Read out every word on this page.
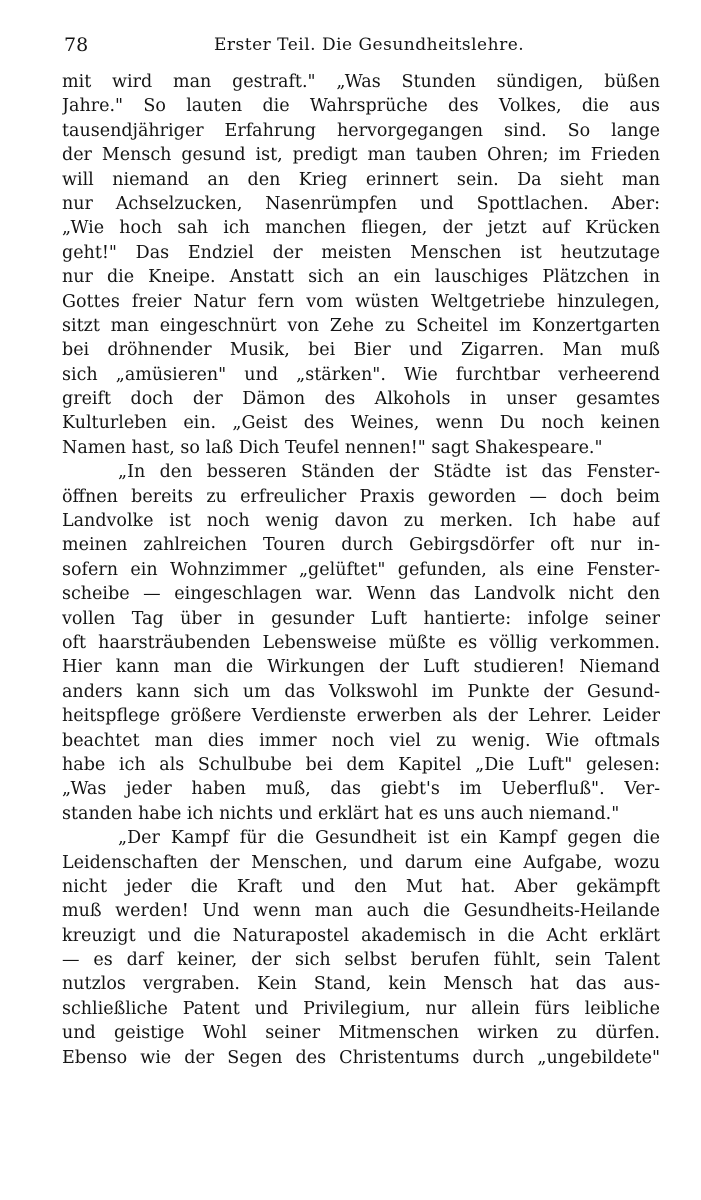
78	Erster Teil. Die Gesundheitslehre.
mit wird man gestraft." „Was Stunden sündigen, büßen
Jahre." So lauten die Wahrsprüche des Volkes, die aus
tausendjähriger Erfahrung hervorgegangen sind. So lange
der Mensch gesund ist, predigt man tauben Ohren; im Frieden
will niemand an den Krieg erinnert sein. Da sieht man
nur Achselzucken, Nasenrümpfen und Spottlachen. Aber:
„Wie hoch sah ich manchen fliegen, der jetzt auf Krücken
geht!" Das Endziel der meisten Menschen ist heutzutage
nur die Kneipe. Anstatt sich an ein lauschiges Plätzchen in
Gottes freier Natur fern vom wüsten Weltgetriebe hinzulegen,
sitzt man eingeschnürt von Zehe zu Scheitel im Konzertgarten
bei dröhnender Musik, bei Bier und Zigarren. Man muß
sich „amüsieren" und „stärken". Wie furchtbar verheerend
greift doch der Dämon des Alkohols in unser gesamtes
Kulturleben ein. „Geist des Weines, wenn Du noch keinen
Namen hast, so laß Dich Teufel nennen!" sagt Shakespeare."
„In den besseren Ständen der Städte ist das Fenster-
öffnen bereits zu erfreulicher Praxis geworden — doch beim
Landvolke ist noch wenig davon zu merken. Ich habe auf
meinen zahlreichen Touren durch Gebirgsdörfer oft nur in-
sofern ein Wohnzimmer „gelüftet" gefunden, als eine Fenster-
scheibe — eingeschlagen war. Wenn das Landvolk nicht den
vollen Tag über in gesunder Luft hantierte: infolge seiner
oft haarsträubenden Lebensweise müßte es völlig verkommen.
Hier kann man die Wirkungen der Luft studieren! Niemand
anders kann sich um das Volkswohl im Punkte der Gesund-
heitspflege größere Verdienste erwerben als der Lehrer. Leider
beachtet man dies immer noch viel zu wenig. Wie oftmals
habe ich als Schulbube bei dem Kapitel „Die Luft" gelesen:
„Was jeder haben muß, das giebt's im Ueberfluß". Ver-
standen habe ich nichts und erklärt hat es uns auch niemand."
„Der Kampf für die Gesundheit ist ein Kampf gegen die
Leidenschaften der Menschen, und darum eine Aufgabe, wozu
nicht jeder die Kraft und den Mut hat. Aber gekämpft
muß werden! Und wenn man auch die Gesundheits-Heilande
kreuzigt und die Naturapostel akademisch in die Acht erklärt
— es darf keiner, der sich selbst berufen fühlt, sein Talent
nutzlos vergraben. Kein Stand, kein Mensch hat das aus-
schließliche Patent und Privilegium, nur allein fürs leibliche
und geistige Wohl seiner Mitmenschen wirken zu dürfen.
Ebenso wie der Segen des Christentums durch „ungebildete"
